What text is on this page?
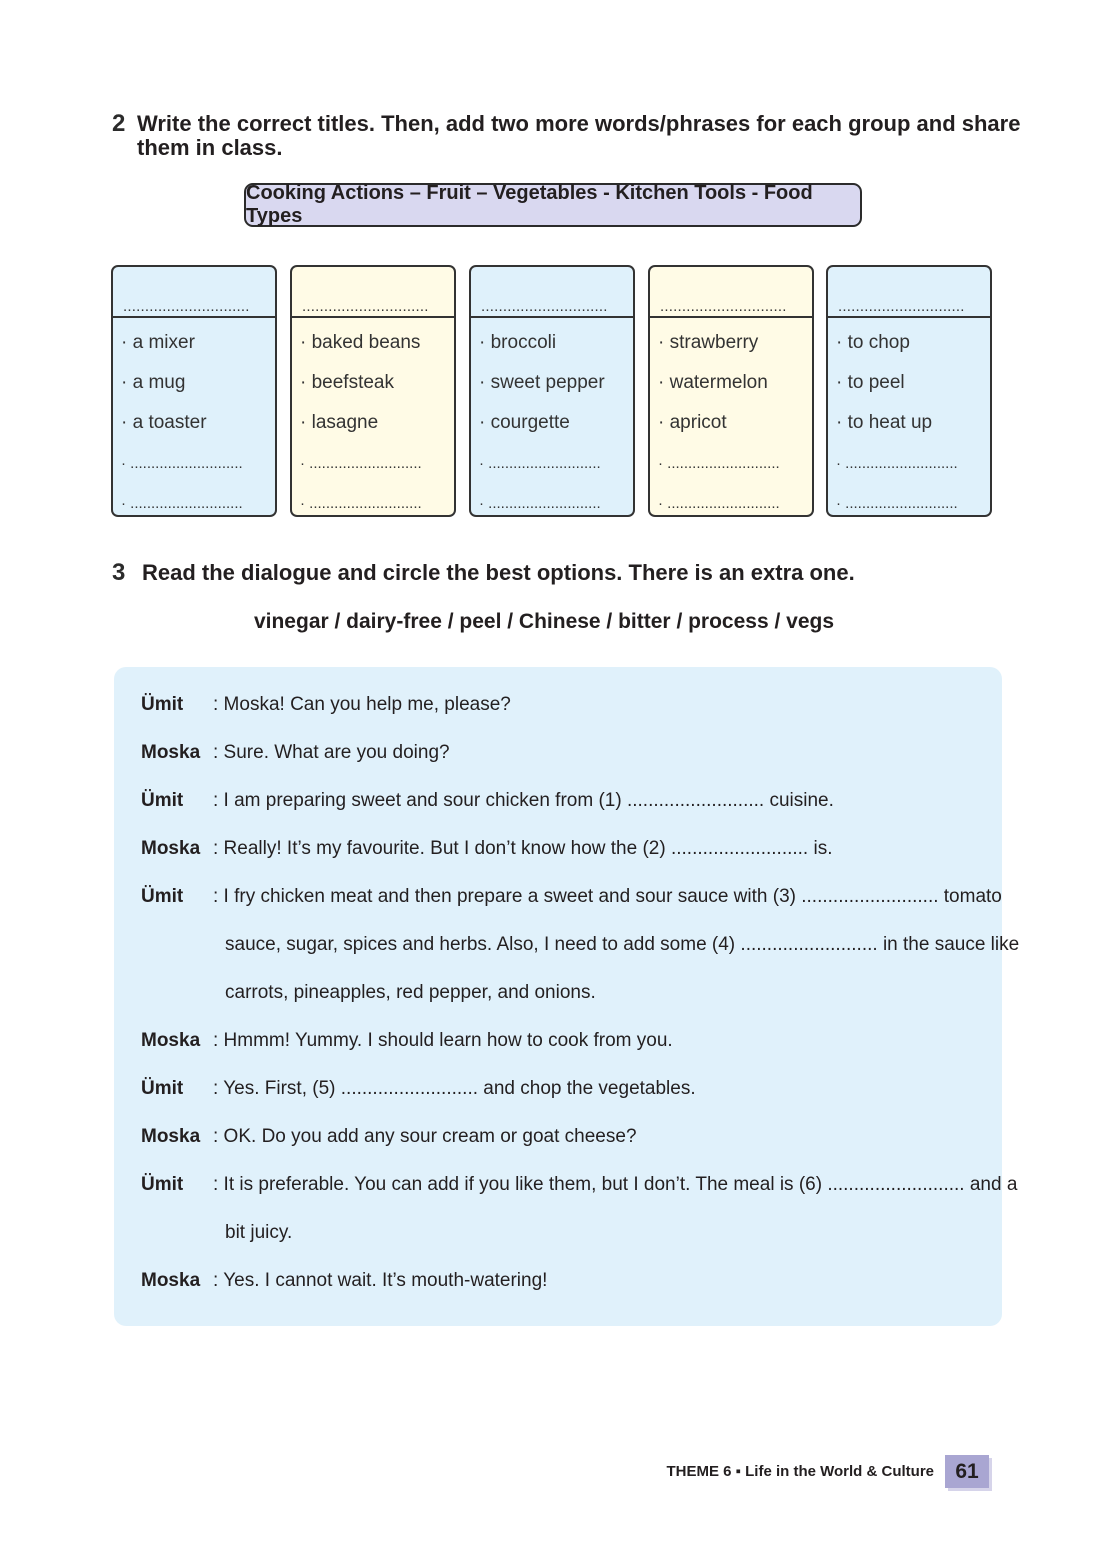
2 Write the correct titles. Then, add two more words/phrases for each group and share
them in class.
Cooking Actions – Fruit – Vegetables - Kitchen Tools - Food Types
.............................
· a mixer
· a mug
· a toaster
· ...........................
· ...........................
.............................
· baked beans
· beefsteak
· lasagne
· ...........................
· ...........................
.............................
· broccoli
· sweet pepper
· courgette
· ...........................
· ...........................
.............................
· strawberry
· watermelon
· apricot
· ...........................
· ...........................
.............................
· to chop
· to peel
· to heat up
· ...........................
· ...........................
3 Read the dialogue and circle the best options. There is an extra one.
vinegar / dairy-free / peel / Chinese / bitter / process / vegs
Ümit : Moska! Can you help me, please?
Moska : Sure. What are you doing?
Ümit : I am preparing sweet and sour chicken from (1) .......................... cuisine.
Moska : Really! It’s my favourite. But I don’t know how the (2) .......................... is.
Ümit : I fry chicken meat and then prepare a sweet and sour sauce with (3) .......................... tomato
sauce, sugar, spices and herbs. Also, I need to add some (4) .......................... in the sauce like
carrots, pineapples, red pepper, and onions.
Moska : Hmmm! Yummy. I should learn how to cook from you.
Ümit : Yes. First, (5) .......................... and chop the vegetables.
Moska : OK. Do you add any sour cream or goat cheese?
Ümit : It is preferable. You can add if you like them, but I don’t. The meal is (6) .......................... and a
bit juicy.
Moska : Yes. I cannot wait. It’s mouth-watering!
THEME 6 ▪ Life in the World & Culture	61
